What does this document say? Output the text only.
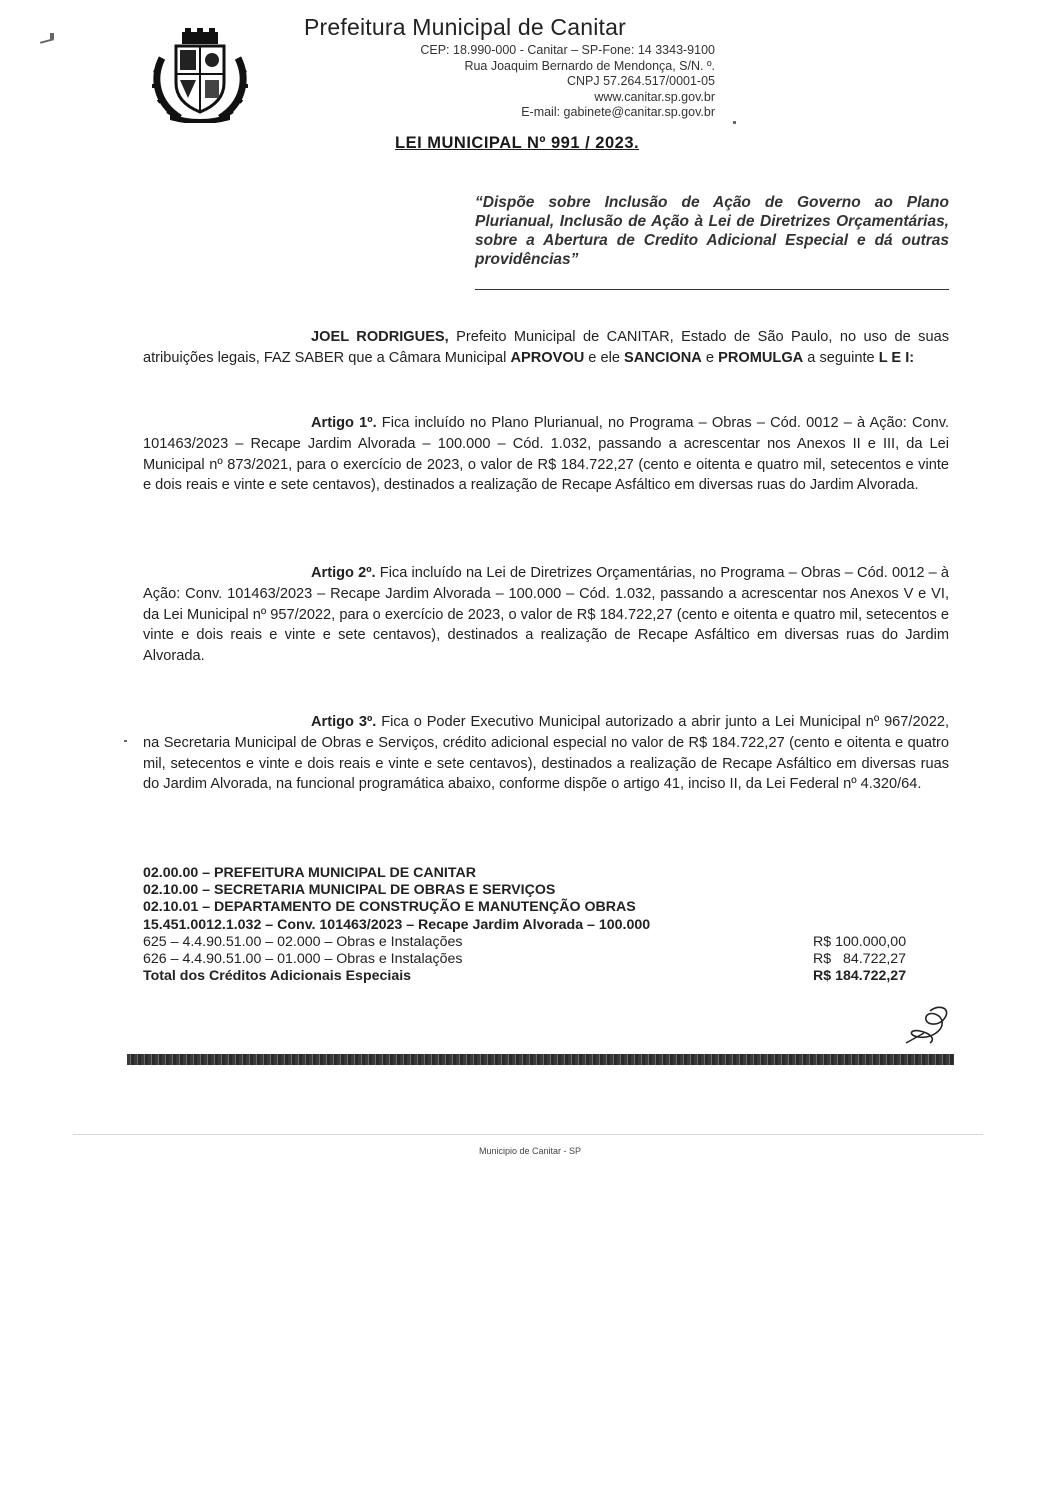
Prefeitura Municipal de Canitar
CEP: 18.990-000 - Canitar – SP-Fone: 14 3343-9100
Rua Joaquim Bernardo de Mendonça, S/N. º.
CNPJ 57.264.517/0001-05
www.canitar.sp.gov.br
E-mail: gabinete@canitar.sp.gov.br
LEI MUNICIPAL Nº 991 / 2023.
“Dispõe sobre Inclusão de Ação de Governo ao Plano Plurianual, Inclusão de Ação à Lei de Diretrizes Orçamentárias, sobre a Abertura de Credito Adicional Especial e dá outras providências”
JOEL RODRIGUES, Prefeito Municipal de CANITAR, Estado de São Paulo, no uso de suas atribuições legais, FAZ SABER que a Câmara Municipal APROVOU e ele SANCIONA e PROMULGA a seguinte L E I:
Artigo 1º. Fica incluído no Plano Plurianual, no Programa – Obras – Cód. 0012 – à Ação: Conv. 101463/2023 – Recape Jardim Alvorada – 100.000 – Cód. 1.032, passando a acrescentar nos Anexos II e III, da Lei Municipal nº 873/2021, para o exercício de 2023, o valor de R$ 184.722,27 (cento e oitenta e quatro mil, setecentos e vinte e dois reais e vinte e sete centavos), destinados a realização de Recape Asfáltico em diversas ruas do Jardim Alvorada.
Artigo 2º. Fica incluído na Lei de Diretrizes Orçamentárias, no Programa – Obras – Cód. 0012 – à Ação: Conv. 101463/2023 – Recape Jardim Alvorada – 100.000 – Cód. 1.032, passando a acrescentar nos Anexos V e VI, da Lei Municipal nº 957/2022, para o exercício de 2023, o valor de R$ 184.722,27 (cento e oitenta e quatro mil, setecentos e vinte e dois reais e vinte e sete centavos), destinados a realização de Recape Asfáltico em diversas ruas do Jardim Alvorada.
Artigo 3º. Fica o Poder Executivo Municipal autorizado a abrir junto a Lei Municipal nº 967/2022, na Secretaria Municipal de Obras e Serviços, crédito adicional especial no valor de R$ 184.722,27 (cento e oitenta e quatro mil, setecentos e vinte e dois reais e vinte e sete centavos), destinados a realização de Recape Asfáltico em diversas ruas do Jardim Alvorada, na funcional programática abaixo, conforme dispõe o artigo 41, inciso II, da Lei Federal nº 4.320/64.
02.00.00 – PREFEITURA MUNICIPAL DE CANITAR
02.10.00 – SECRETARIA MUNICIPAL DE OBRAS E SERVIÇOS
02.10.01 – DEPARTAMENTO DE CONSTRUÇÃO E MANUTENÇÃO OBRAS
15.451.0012.1.032 – Conv. 101463/2023 – Recape Jardim Alvorada – 100.000
625 – 4.4.90.51.00 – 02.000 – Obras e Instalações	R$ 100.000,00
626 – 4.4.90.51.00 – 01.000 – Obras e Instalações	R$   84.722,27
Total dos Créditos Adicionais Especiais	R$ 184.722,27
Municipio de Canitar - SP
